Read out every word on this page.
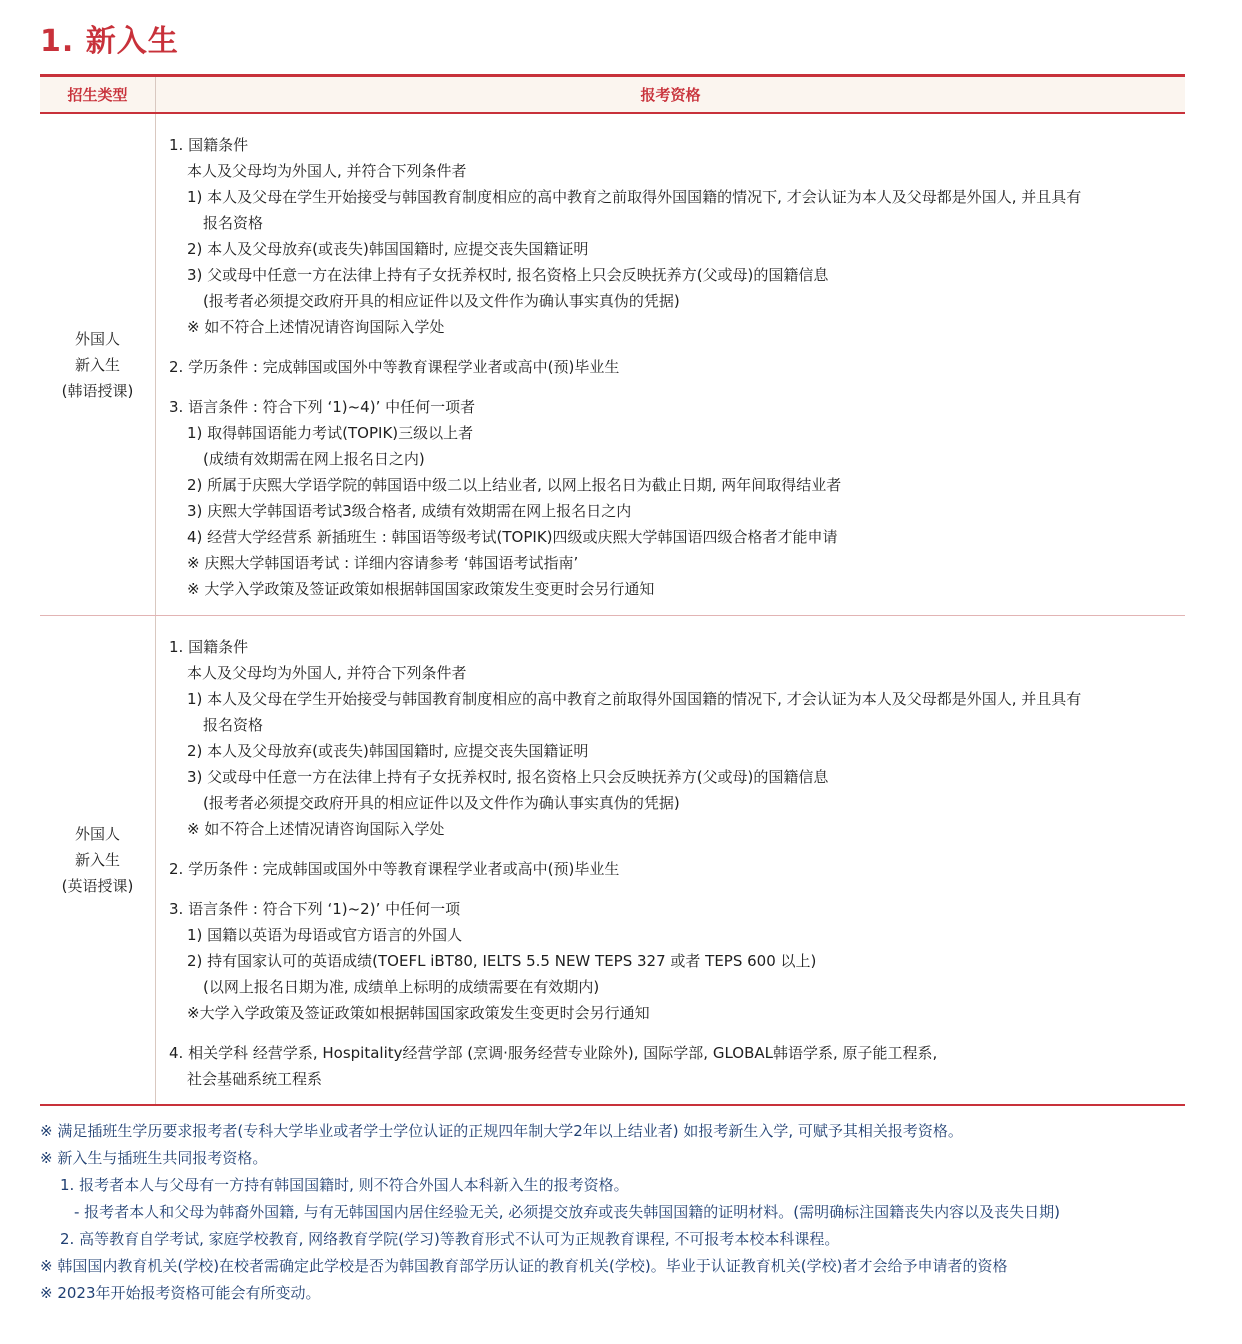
1. 新入生
招生类型	报考资格
外国人
新入生
(韩语授课)
1. 国籍条件
本人及父母均为外国人, 并符合下列条件者
1) 本人及父母在学生开始接受与韩国教育制度相应的高中教育之前取得外国国籍的情况下, 才会认证为本人及父母都是外国人, 并且具有
报名资格
2) 本人及父母放弃(或丧失)韩国国籍时, 应提交丧失国籍证明
3) 父或母中任意一方在法律上持有子女抚养权时, 报名资格上只会反映抚养方(父或母)的国籍信息
(报考者必须提交政府开具的相应证件以及文件作为确认事实真伪的凭据)
※ 如不符合上述情况请咨询国际入学处
2. 学历条件 : 完成韩国或国外中等教育课程学业者或高中(预)毕业生
3. 语言条件 : 符合下列 ‘1)~4)’ 中任何一项者
1) 取得韩国语能力考试(TOPIK)三级以上者
(成绩有效期需在网上报名日之内)
2) 所属于庆熙大学语学院的韩国语中级二以上结业者, 以网上报名日为截止日期, 两年间取得结业者
3) 庆熙大学韩国语考试3级合格者, 成绩有效期需在网上报名日之内
4) 经营大学经营系 新插班生 : 韩国语等级考试(TOPIK)四级或庆熙大学韩国语四级合格者才能申请
※ 庆熙大学韩国语考试 : 详细内容请参考 ‘韩国语考试指南’
※ 大学入学政策及签证政策如根据韩国国家政策发生变更时会另行通知
外国人
新入生
(英语授课)
1. 国籍条件
本人及父母均为外国人, 并符合下列条件者
1) 本人及父母在学生开始接受与韩国教育制度相应的高中教育之前取得外国国籍的情况下, 才会认证为本人及父母都是外国人, 并且具有
报名资格
2) 本人及父母放弃(或丧失)韩国国籍时, 应提交丧失国籍证明
3) 父或母中任意一方在法律上持有子女抚养权时, 报名资格上只会反映抚养方(父或母)的国籍信息
(报考者必须提交政府开具的相应证件以及文件作为确认事实真伪的凭据)
※ 如不符合上述情况请咨询国际入学处
2. 学历条件 : 完成韩国或国外中等教育课程学业者或高中(预)毕业生
3. 语言条件 : 符合下列 ‘1)~2)’ 中任何一项
1) 国籍以英语为母语或官方语言的外国人
2) 持有国家认可的英语成绩(TOEFL iBT80, IELTS 5.5 NEW TEPS 327 或者 TEPS 600 以上)
(以网上报名日期为准, 成绩单上标明的成绩需要在有效期内)
※大学入学政策及签证政策如根据韩国国家政策发生变更时会另行通知
4. 相关学科 经营学系, Hospitality经营学部 (烹调·服务经营专业除外), 国际学部, GLOBAL韩语学系, 原子能工程系,
社会基础系统工程系
※ 满足插班生学历要求报考者(专科大学毕业或者学士学位认证的正规四年制大学2年以上结业者) 如报考新生入学, 可赋予其相关报考资格。
※ 新入生与插班生共同报考资格。
1. 报考者本人与父母有一方持有韩国国籍时, 则不符合外国人本科新入生的报考资格。
- 报考者本人和父母为韩裔外国籍, 与有无韩国国内居住经验无关, 必须提交放弃或丧失韩国国籍的证明材料。(需明确标注国籍丧失内容以及丧失日期)
2. 高等教育自学考试, 家庭学校教育, 网络教育学院(学习)等教育形式不认可为正规教育课程, 不可报考本校本科课程。
※ 韩国国内教育机关(学校)在校者需确定此学校是否为韩国教育部学历认证的教育机关(学校)。毕业于认证教育机关(学校)者才会给予申请者的资格
※ 2023年开始报考资格可能会有所变动。
